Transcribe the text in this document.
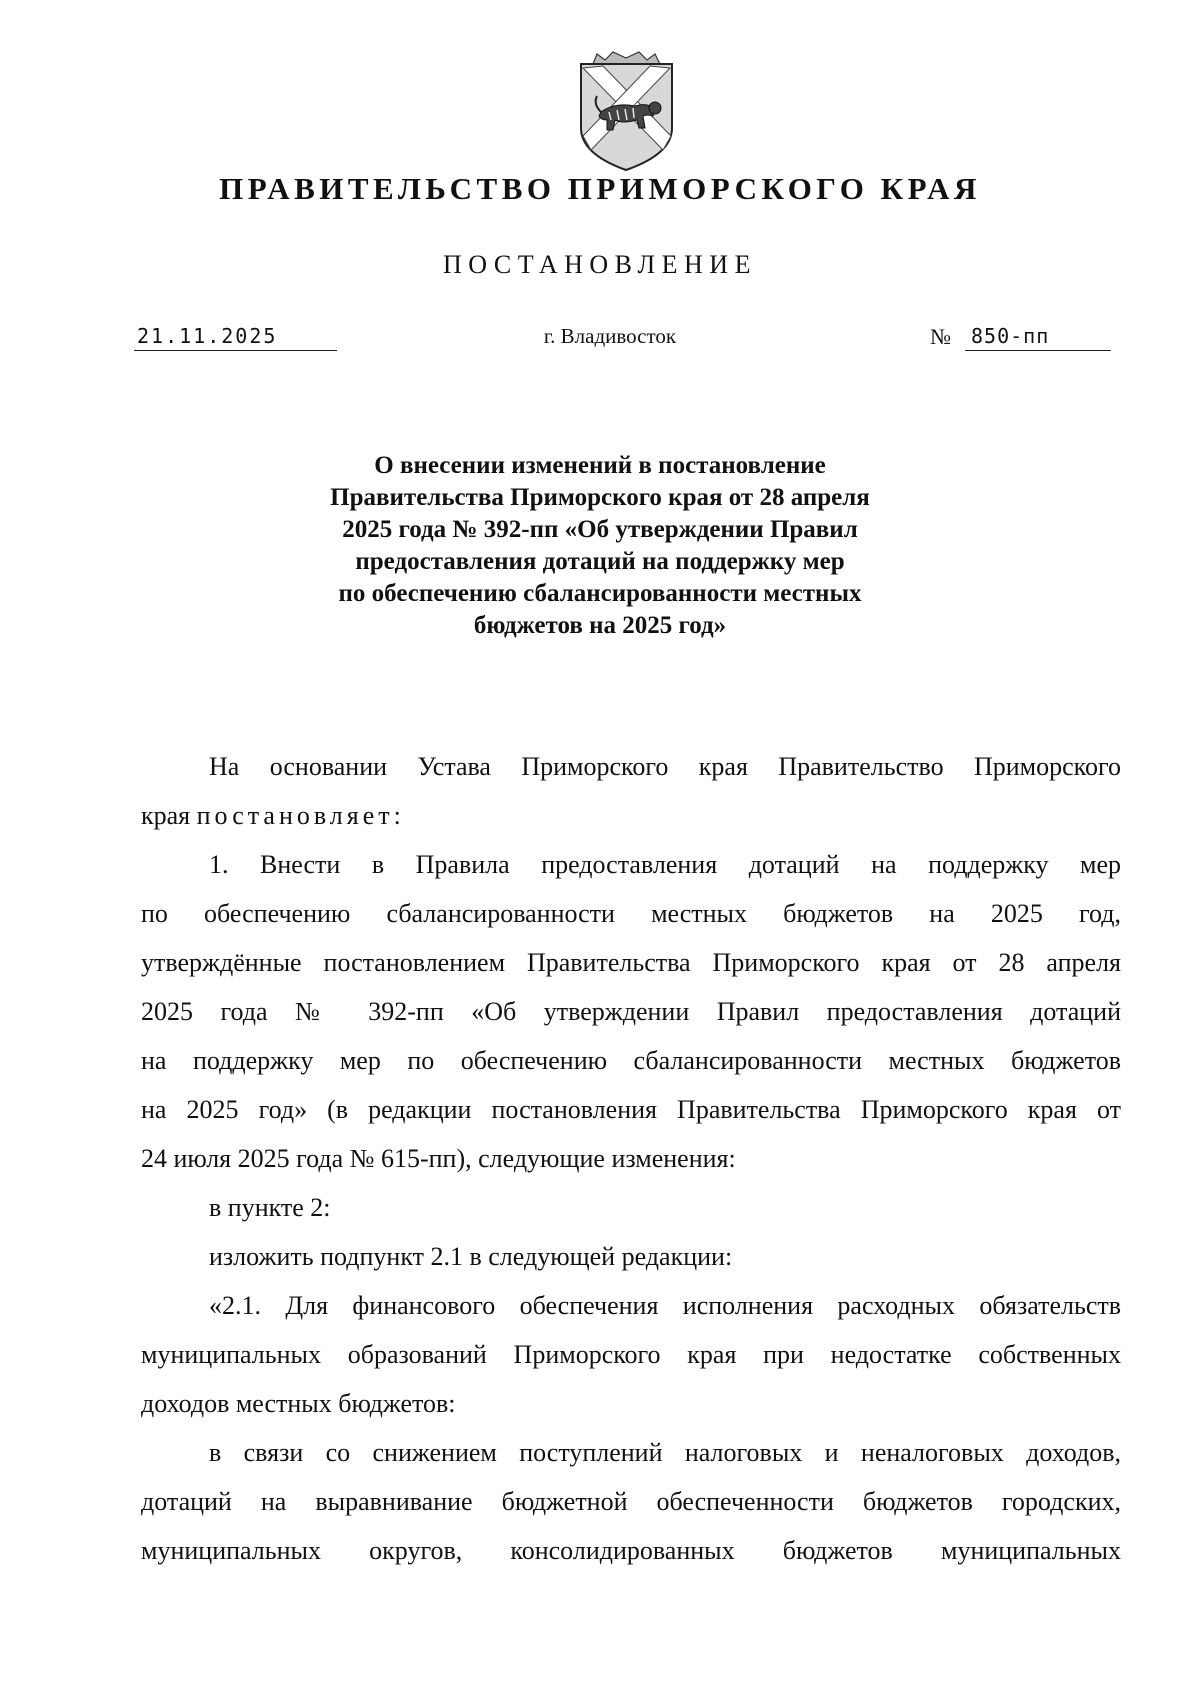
ПРАВИТЕЛЬСТВО ПРИМОРСКОГО КРАЯ
ПОСТАНОВЛЕНИЕ
21.11.2025	г. Владивосток	№	850-пп
О внесении изменений в постановление
Правительства Приморского края от 28 апреля
2025 года № 392-пп «Об утверждении Правил
предоставления дотаций на поддержку мер
по обеспечению сбалансированности местных
бюджетов на 2025 год»
На основании Устава Приморского края Правительство Приморского
края постановляет:
1. Внести в Правила предоставления дотаций на поддержку мер
по обеспечению сбалансированности местных бюджетов на 2025 год,
утверждённые постановлением Правительства Приморского края от 28 апреля
2025 года № 392-пп «Об утверждении Правил предоставления дотаций
на поддержку мер по обеспечению сбалансированности местных бюджетов
на 2025 год» (в редакции постановления Правительства Приморского края от
24 июля 2025 года № 615-пп), следующие изменения:
в пункте 2:
изложить подпункт 2.1 в следующей редакции:
«2.1. Для финансового обеспечения исполнения расходных обязательств
муниципальных образований Приморского края при недостатке собственных
доходов местных бюджетов:
в связи со снижением поступлений налоговых и неналоговых доходов,
дотаций на выравнивание бюджетной обеспеченности бюджетов городских,
муниципальных округов, консолидированных бюджетов муниципальных
